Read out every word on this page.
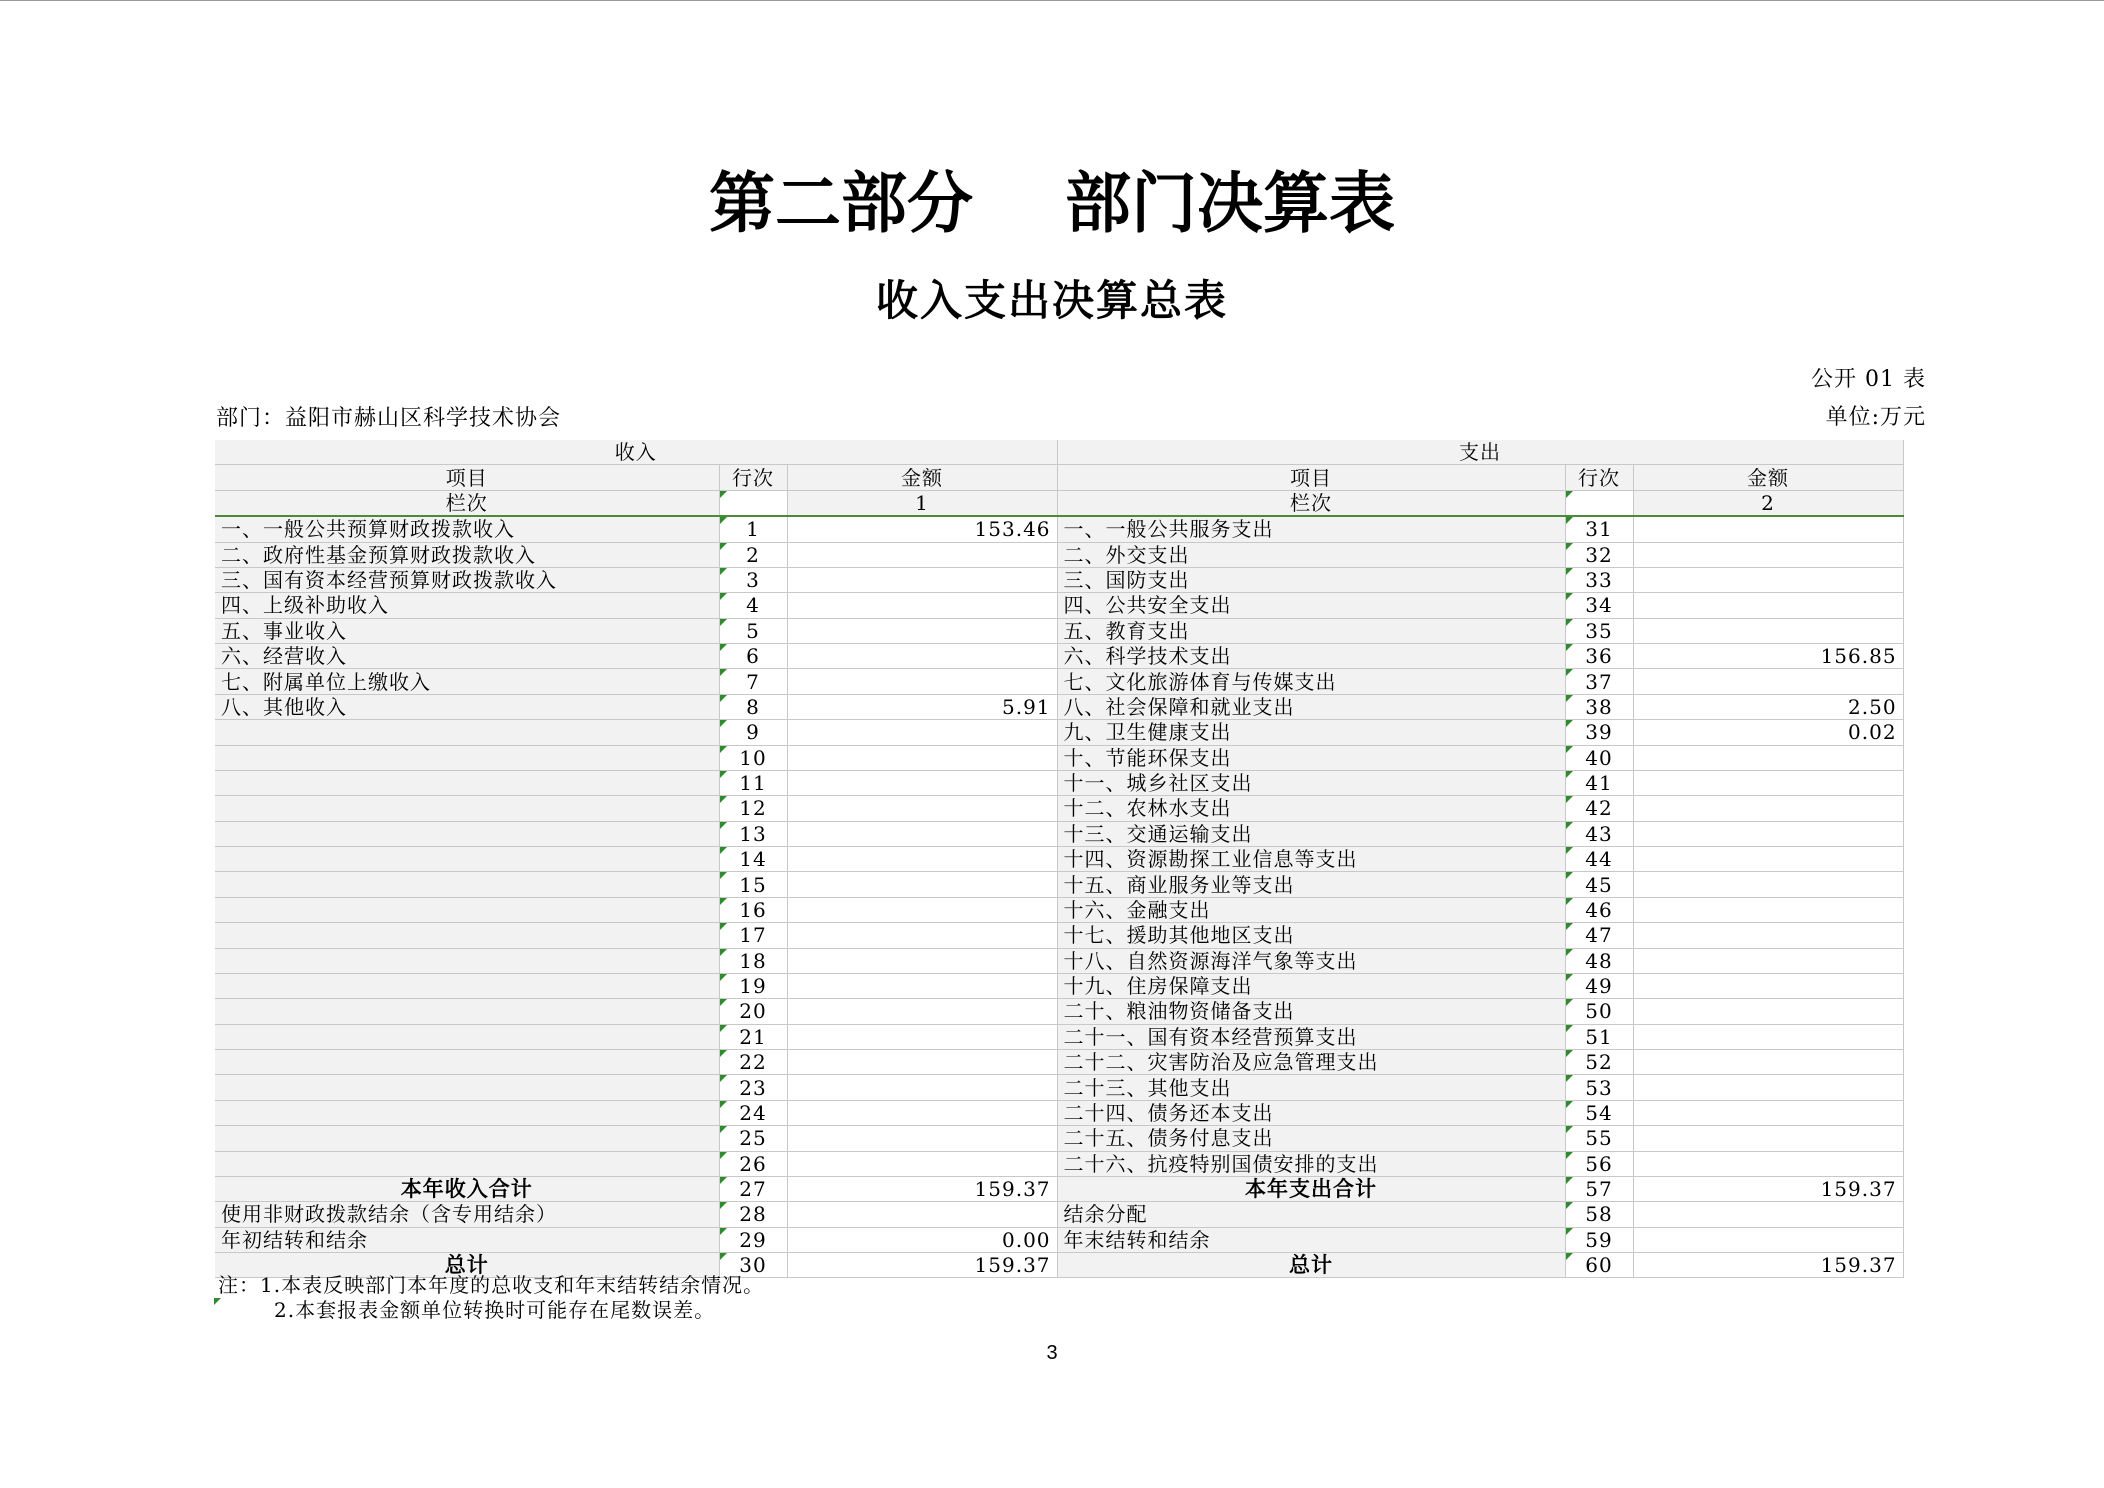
第二部分    部门决算表
收入支出决算总表
公开 01 表
单位:万元
部门：益阳市赫山区科学技术协会
收入			支出		
项目	行次	金额	项目	行次	金额
栏次		1	栏次		2
一、一般公共预算财政拨款收入	1	153.46	一、一般公共服务支出	31	
二、政府性基金预算财政拨款收入	2		二、外交支出	32	
三、国有资本经营预算财政拨款收入	3		三、国防支出	33	
四、上级补助收入	4		四、公共安全支出	34	
五、事业收入	5		五、教育支出	35	
六、经营收入	6		六、科学技术支出	36	156.85
七、附属单位上缴收入	7		七、文化旅游体育与传媒支出	37	
八、其他收入	8	5.91	八、社会保障和就业支出	38	2.50
	9		九、卫生健康支出	39	0.02
	10		十、节能环保支出	40	
	11		十一、城乡社区支出	41	
	12		十二、农林水支出	42	
	13		十三、交通运输支出	43	
	14		十四、资源勘探工业信息等支出	44	
	15		十五、商业服务业等支出	45	
	16		十六、金融支出	46	
	17		十七、援助其他地区支出	47	
	18		十八、自然资源海洋气象等支出	48	
	19		十九、住房保障支出	49	
	20		二十、粮油物资储备支出	50	
	21		二十一、国有资本经营预算支出	51	
	22		二十二、灾害防治及应急管理支出	52	
	23		二十三、其他支出	53	
	24		二十四、债务还本支出	54	
	25		二十五、债务付息支出	55	
	26		二十六、抗疫特别国债安排的支出	56	
本年收入合计	27	159.37	本年支出合计	57	159.37
使用非财政拨款结余（含专用结余）	28		结余分配	58	
年初结转和结余	29	0.00	年末结转和结余	59	
总计	30	159.37	总计	60	159.37
注：1.本表反映部门本年度的总收支和年末结转结余情况。
2.本套报表金额单位转换时可能存在尾数误差。
3
